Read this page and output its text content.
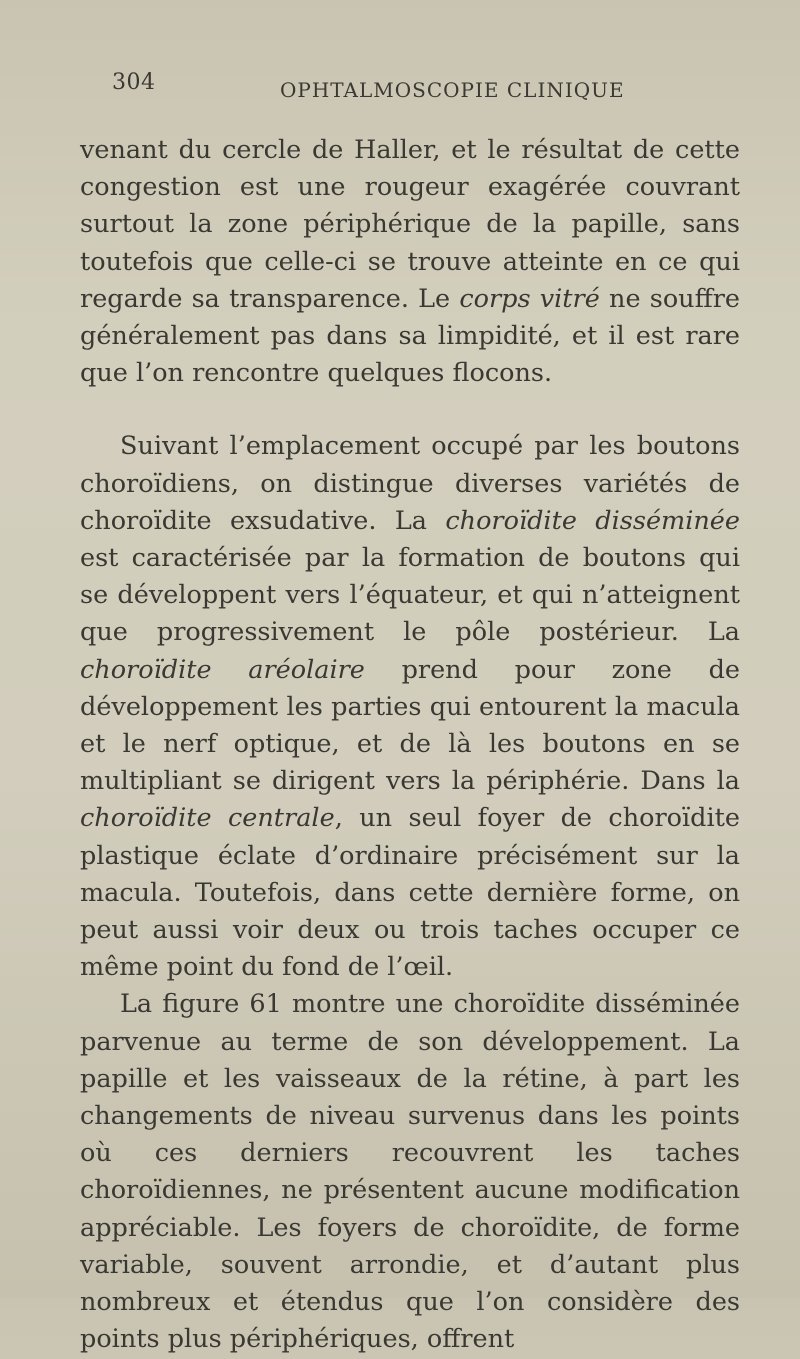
304	OPHTALMOSCOPIE CLINIQUE

venant du cercle de Haller, et le résultat de cette congestion est une rougeur exagérée couvrant surtout la zone périphérique de la papille, sans toutefois que celle-ci se trouve atteinte en ce qui regarde sa transparence. Le corps vitré ne souffre généralement pas dans sa limpidité, et il est rare que l’on rencontre quelques flocons.

Suivant l’emplacement occupé par les boutons choroïdiens, on distingue diverses variétés de choroïdite exsudative. La choroïdite disséminée est caractérisée par la formation de boutons qui se développent vers l’équateur, et qui n’atteignent que progressivement le pôle postérieur. La choroïdite aréolaire prend pour zone de développement les parties qui entourent la macula et le nerf optique, et de là les boutons en se multipliant se dirigent vers la périphérie. Dans la choroïdite centrale, un seul foyer de choroïdite plastique éclate d’ordinaire précisément sur la macula. Toutefois, dans cette dernière forme, on peut aussi voir deux ou trois taches occuper ce même point du fond de l’œil.

La figure 61 montre une choroïdite disséminée parvenue au terme de son développement. La papille et les vaisseaux de la rétine, à part les changements de niveau survenus dans les points où ces derniers recouvrent les taches choroïdiennes, ne présentent aucune modification appréciable. Les foyers de choroïdite, de forme variable, souvent arrondie, et d’autant plus nombreux et étendus que l’on considère des points plus périphériques, offrent
